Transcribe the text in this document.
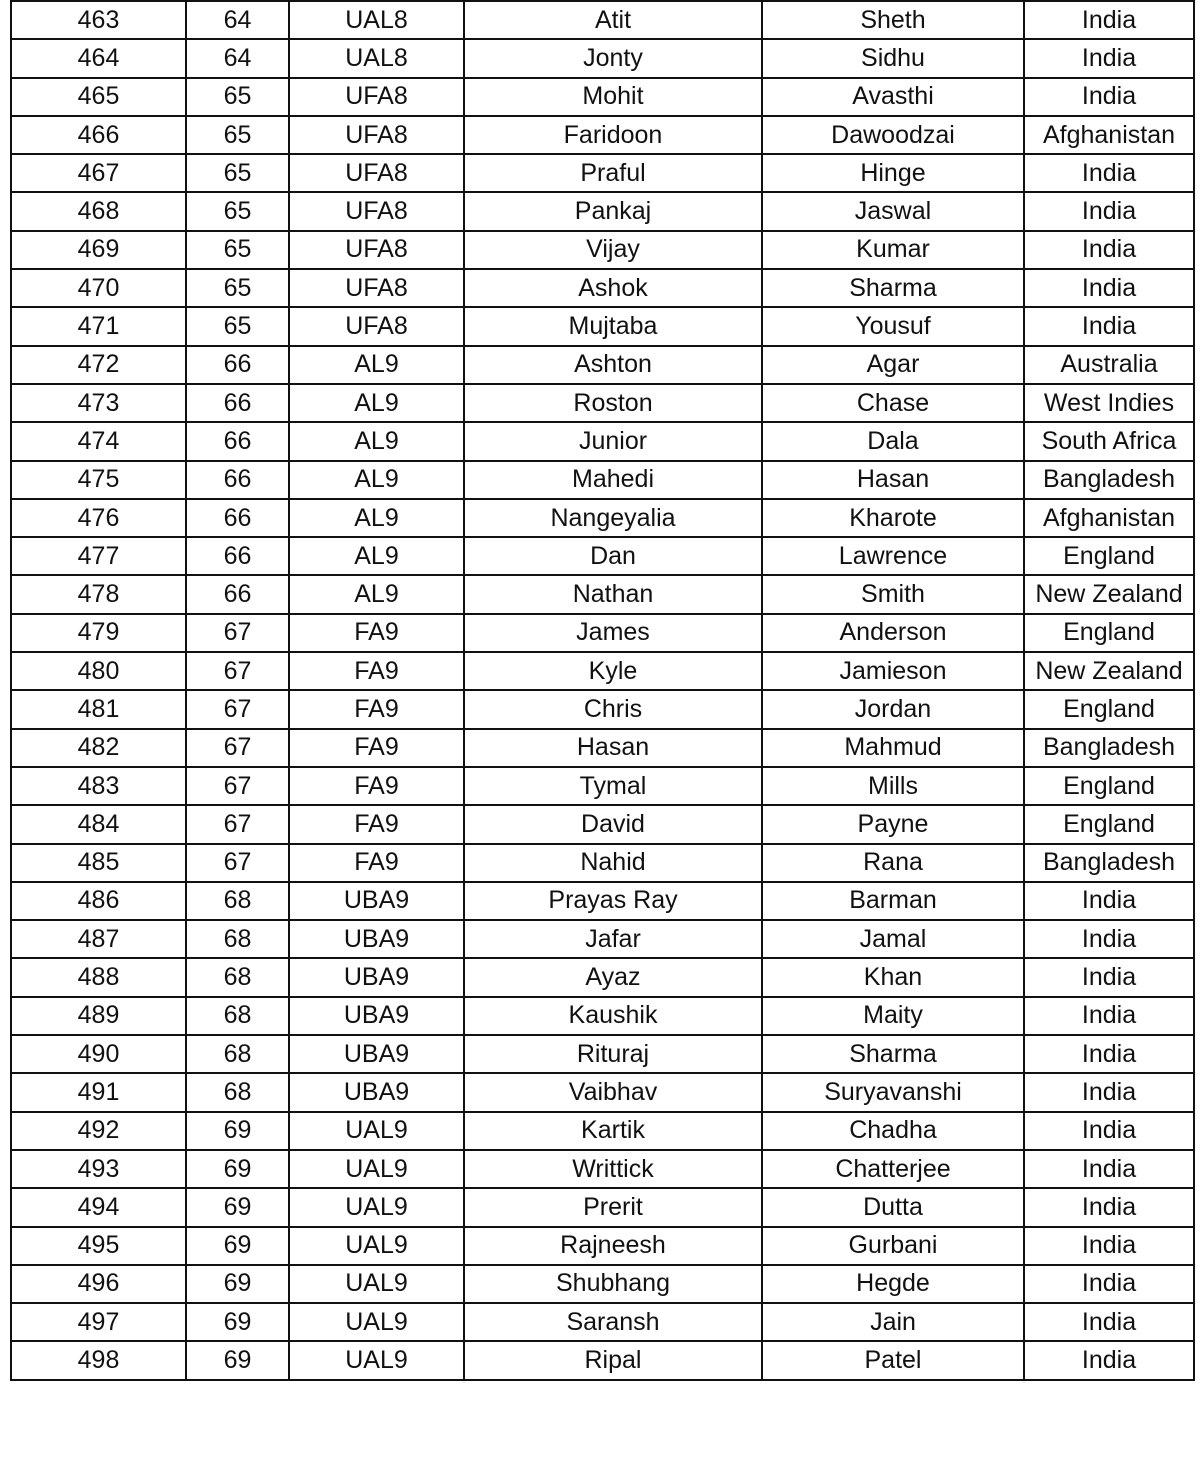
463	64	UAL8	Atit	Sheth	India
464	64	UAL8	Jonty	Sidhu	India
465	65	UFA8	Mohit	Avasthi	India
466	65	UFA8	Faridoon	Dawoodzai	Afghanistan
467	65	UFA8	Praful	Hinge	India
468	65	UFA8	Pankaj	Jaswal	India
469	65	UFA8	Vijay	Kumar	India
470	65	UFA8	Ashok	Sharma	India
471	65	UFA8	Mujtaba	Yousuf	India
472	66	AL9	Ashton	Agar	Australia
473	66	AL9	Roston	Chase	West Indies
474	66	AL9	Junior	Dala	South Africa
475	66	AL9	Mahedi	Hasan	Bangladesh
476	66	AL9	Nangeyalia	Kharote	Afghanistan
477	66	AL9	Dan	Lawrence	England
478	66	AL9	Nathan	Smith	New Zealand
479	67	FA9	James	Anderson	England
480	67	FA9	Kyle	Jamieson	New Zealand
481	67	FA9	Chris	Jordan	England
482	67	FA9	Hasan	Mahmud	Bangladesh
483	67	FA9	Tymal	Mills	England
484	67	FA9	David	Payne	England
485	67	FA9	Nahid	Rana	Bangladesh
486	68	UBA9	Prayas Ray	Barman	India
487	68	UBA9	Jafar	Jamal	India
488	68	UBA9	Ayaz	Khan	India
489	68	UBA9	Kaushik	Maity	India
490	68	UBA9	Rituraj	Sharma	India
491	68	UBA9	Vaibhav	Suryavanshi	India
492	69	UAL9	Kartik	Chadha	India
493	69	UAL9	Writtick	Chatterjee	India
494	69	UAL9	Prerit	Dutta	India
495	69	UAL9	Rajneesh	Gurbani	India
496	69	UAL9	Shubhang	Hegde	India
497	69	UAL9	Saransh	Jain	India
498	69	UAL9	Ripal	Patel	India
